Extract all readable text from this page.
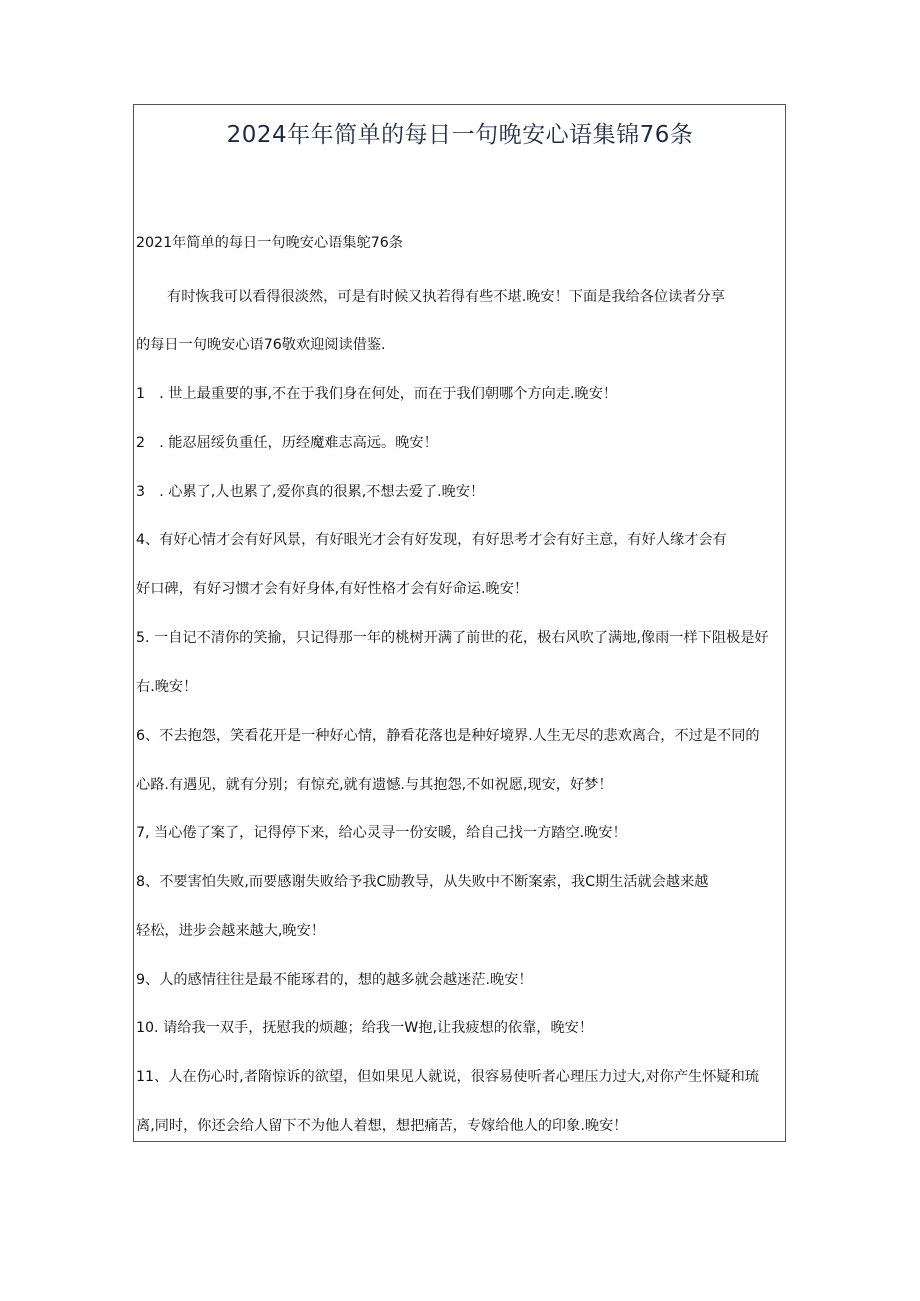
2024年年简单的每日一句晚安心语集锦76条
2021年简单的每日一句晚安心语集鸵76条
有时恢我可以看得很淡然，可是有时候又执若得有些不堪.晚安！下面是我给各位读者分享
的每日一句晚安心语76敬欢迎阅读借鉴.
1　. 世上最重要的事,不在于我们身在何处，而在于我们朝哪个方向走.晚安！
2　. 能忍屈绥负重任，历经魔难志高远。晚安！
3　. 心累了,人也累了,爱你真的很累,不想去爱了.晚安！
4、有好心情才会有好风景，有好眼光才会有好发现，有好思考才会有好主意，有好人缘才会有
好口碑，有好习惯才会有好身体,有好性格才会有好命运.晚安！
5. 一自记不清你的笑揄，只记得那一年的桃树开满了前世的花，极右风吹了满地,像雨一样下阻极是好
右.晚安！
6、不去抱怨，笑看花开是一种好心情，静看花落也是种好境界.人生无尽的悲欢离合，不过是不同的
心路.有遇见，就有分别；有惊充,就有遗憾.与其抱怨,不如祝愿,现安，好梦！
7, 当心倦了案了，记得停下来，给心灵寻一份安暖，给自己找一方踏空.晚安！
8、不要害怕失败,而要感谢失败给予我C励教导，从失败中不断案索，我C期生活就会越来越
轻松，进步会越来越大,晚安！
9、人的感情往往是最不能琢君的，想的越多就会越迷茫.晚安！
10. 请给我一双手，抚慰我的烦趣；给我一W抱,让我疲想的依靠，晚安！
11、人在伤心时,者隋惊诉的欲望，但如果见人就说，很容易使听者心理压力过大,对你产生怀疑和琉
离,同时，你还会给人留下不为他人着想，想把痛苦，专嫁给他人的印象.晚安！
